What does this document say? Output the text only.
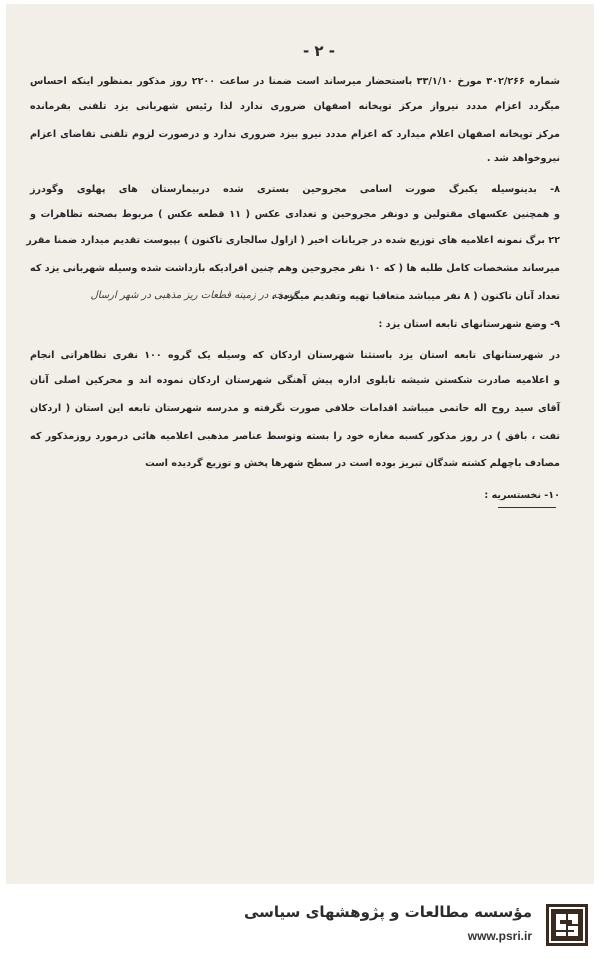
- ۲ -
شماره ۳۰۲/۲۶۶ مورخ ۳۳/۱/۱۰ باستحضار میرساند است ضمنا در ساعت ۲۲۰۰ روز مذکور بمنظور اینکه احساس
میگردد اعزام مددد نیرواز مرکز توپخانه اصفهان ضروری ندارد لذا رئیس شهربانی یزد تلفنی بفرمانده
مرکز توپخانه اصفهان اعلام میدارد که اعزام مددد نیرو بیزد ضروری ندارد و درصورت لزوم تلفنی تقاضای اعزام
نیروخواهد شد .
۸- بدینوسیله یکبرگ صورت اسامی مجروحین بستری شده دربیمارستان های پهلوی وگودرز
و همچنین عکسهای مقتولین و دونفر مجروحین و تعدادی عکس ( ۱۱ قطعه عکس ) مربوط بصحنه تظاهرات و
۲۲ برگ نمونه اعلامیه های توزیع شده در جریانات اخیر ( ازاول سالجاری تاکنون ) بپیوست تقدیم میدارد ضمنا مقرر
میرساند مشخصات کامل طلبه ها ( که ۱۰ نفر مجروحین وهم چنین افرادیکه بازداشت شده وسیله شهربانی یزد که
تعداد آنان تاکنون ( ۸ نفر میباشد متعاقبا تهیه وتقدیم میگردد .
نسخه در زمینه قطعات ریز مذهبی در شهر ارسال
۹- وضع شهرستانهای تابعه استان یزد :
در شهرستانهای تابعه استان یزد باستثنا شهرستان اردکان که وسیله یک گروه ۱۰۰ نفری تظاهراتی انجام
و اعلامیه صادرت شکستن شیشه تابلوی اداره پیش آهنگی شهرستان اردکان نموده اند و محرکین اصلی آنان
آقای سید روح اله حاتمی میباشد اقدامات خلافی صورت نگرفته و مدرسه شهرستان تابعه این استان ( اردکان
تفت ، بافق ) در روز مذکور کسبه مغازه خود را بسته وتوسط عناصر مذهبی اعلامیه هائی درمورد روزمذکور که
مصادف باچهلم کشته شدگان تبریز بوده است در سطح شهرها پخش و توزیع گردیده است
۱۰- نخستسریه :
مؤسسه مطالعات و پژوهشهای سیاسی
www.psri.ir
